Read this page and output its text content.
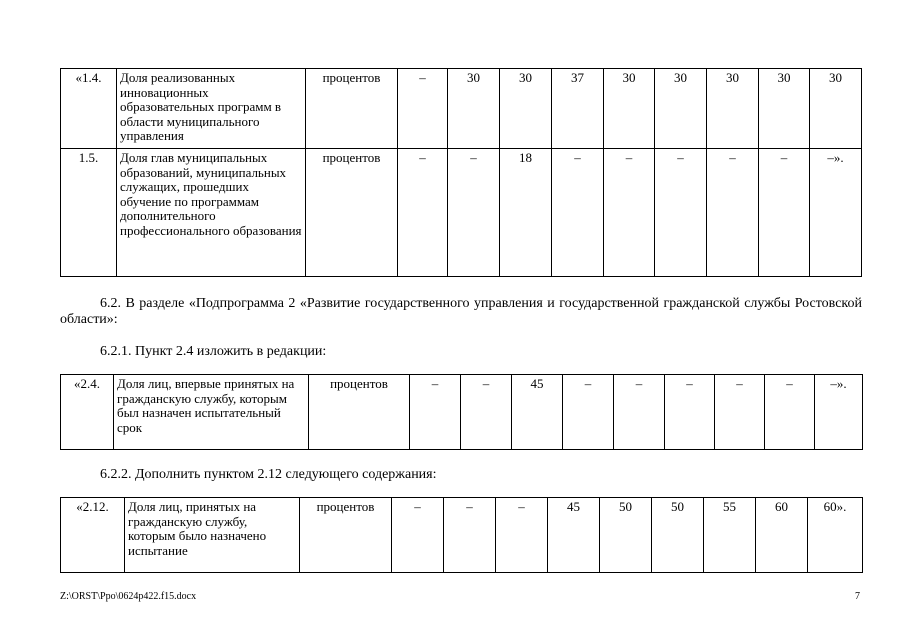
«1.4.	Доля реализованных инновационных образовательных программ в области муниципального управления	процентов	–	30	30	37	30	30	30	30	30
1.5.	Доля глав муниципальных образований, муниципальных служащих, прошедших обучение по программам дополнительного профессионального образования	процентов	–	–	18	–	–	–	–	–	–».

6.2. В разделе «Подпрограмма 2 «Развитие государственного управления и государственной гражданской службы Ростовской области»:

6.2.1. Пункт 2.4 изложить в редакции:

«2.4.	Доля лиц, впервые принятых на гражданскую службу, которым был назначен испытательный срок	процентов	–	–	45	–	–	–	–	–	–».

6.2.2. Дополнить пунктом 2.12 следующего содержания:

«2.12.	Доля лиц, принятых на гражданскую службу, которым было назначено испытание	процентов	–	–	–	45	50	50	55	60	60».
Z:\ORST\Ppo\0624p422.f15.docx	7
